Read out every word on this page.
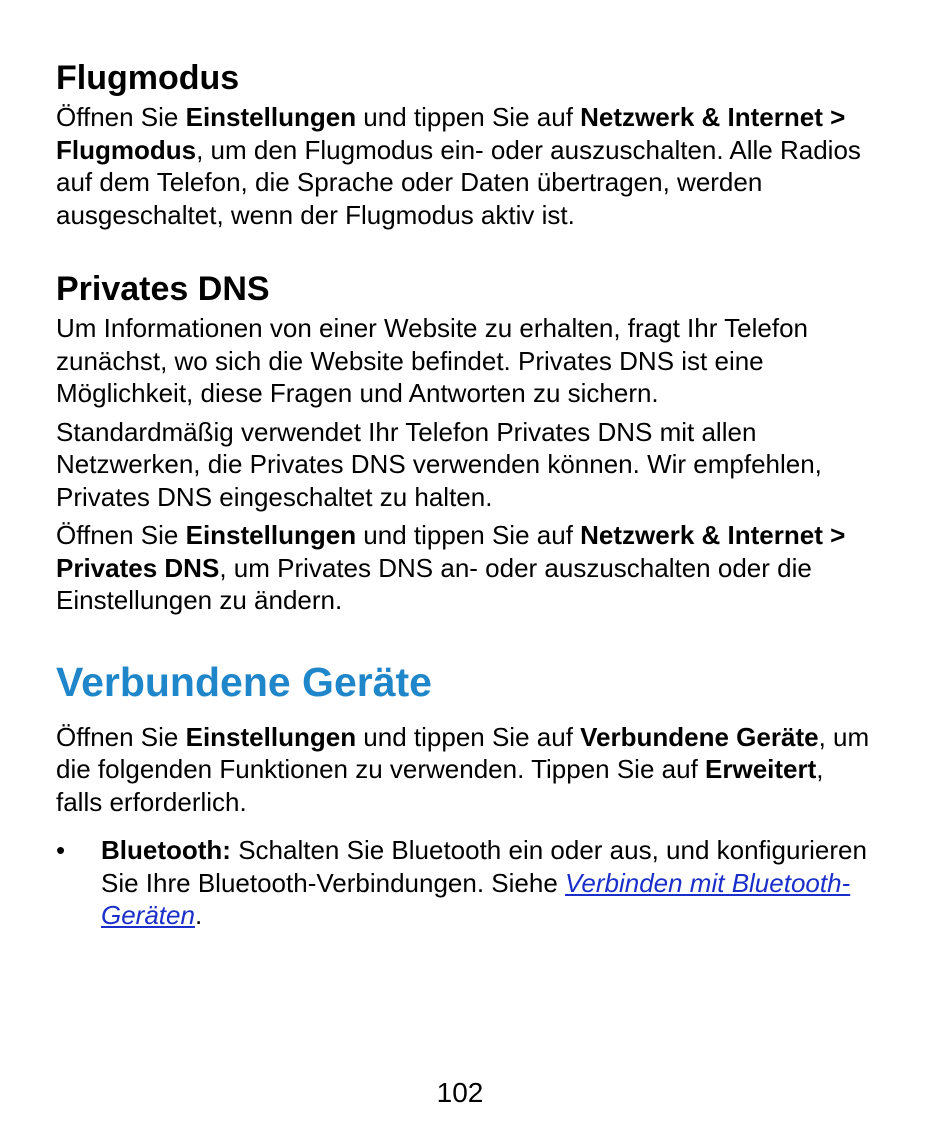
Flugmodus

Öffnen Sie Einstellungen und tippen Sie auf Netzwerk & Internet > Flugmodus, um den Flugmodus ein- oder auszuschalten. Alle Radios auf dem Telefon, die Sprache oder Daten übertragen, werden ausgeschaltet, wenn der Flugmodus aktiv ist.

Privates DNS

Um Informationen von einer Website zu erhalten, fragt Ihr Telefon zunächst, wo sich die Website befindet. Privates DNS ist eine Möglichkeit, diese Fragen und Antworten zu sichern.

Standardmäßig verwendet Ihr Telefon Privates DNS mit allen Netzwerken, die Privates DNS verwenden können. Wir empfehlen, Privates DNS eingeschaltet zu halten.

Öffnen Sie Einstellungen und tippen Sie auf Netzwerk & Internet > Privates DNS, um Privates DNS an- oder auszuschalten oder die Einstellungen zu ändern.

Verbundene Geräte

Öffnen Sie Einstellungen und tippen Sie auf Verbundene Geräte, um die folgenden Funktionen zu verwenden. Tippen Sie auf Erweitert, falls erforderlich.

• Bluetooth: Schalten Sie Bluetooth ein oder aus, und konfigurieren Sie Ihre Bluetooth-Verbindungen. Siehe Verbinden mit Bluetooth-Geräten.
102
